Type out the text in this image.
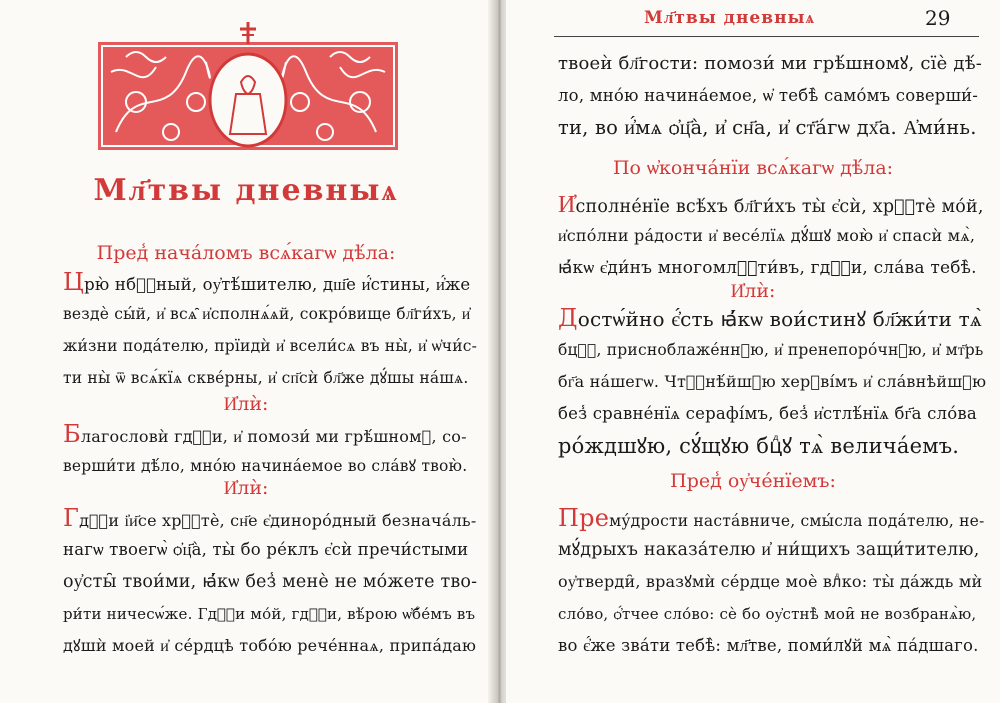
Мл҃твы дневныѧ
Пред̾ нача́ломъ всѧ́кагѡ дѣ́ла:
Црю̀ нбⷭ҇ный, оу҆тѣ́шителю, дш҃е и҆́стины, и҆́же
вездѐ сы́й, и҆ всѧ̑ и҆сполнѧ́ѧй, сокро́вище бл҃ги́хъ, и҆
жи́зни пода́телю, прїидѝ и҆ всели́сѧ въ ны̀, и҆ ѡ҆чи́с-
ти ны̀ ѿ всѧ́кїѧ скве́рны, и҆ сп҃сѝ бл҃же дꙋ́шы на́шѧ.
И҆лѝ:
Благословѝ гдⷭ҇и, и҆ помози́ ми грѣ́шномꙋ, со-
верши́ти дѣ́ло, мно́ю начина́емое во сла́вꙋ твою̀.
И҆лѝ:
Гдⷭ҇и і҆и҃се хрⷭ҇тѐ, сн҃е є҆диноро́дный безнача́ль-
нагѡ твоегѡ̀ ѻ҆ц҃а̀, ты̀ бо ре́клъ є҆сѝ пречи́стыми
оу҆сты̑ твои́ми, ꙗ҆́кѡ без̾ менѐ не мо́жете тво-
ри́ти ничесѡ́же. Гдⷭ҇и мо́й, гдⷭ҇и, вѣ́рою ѡ҆б̾е́мъ въ
дꙋшѝ моей и҆ се́рдцѣ тобо́ю рече́ннаѧ, припа́даю
Мл҃твы дневныѧ	29
твоеѝ бл҃гости: помози́ ми грѣ́шномꙋ, сїѐ дѣ́-
ло, мно́ю начина́емое, ѡ҆ тебѣ̀ само́мъ соверши́-
ти, во и҆́мѧ ѻ҆ц҃а̀, и҆ сн҃а, и҆ ст҃а́гѡ дх҃а. А҆ми́нь.
По ѡ҆конча́нїи всѧ́кагѡ дѣ́ла:
И҆сполне́нїе всѣ́хъ бл҃ги́хъ ты̀ є҆сѝ, хрⷭ҇тѐ мо́й,
и҆спо́лни ра́дости и҆ весе́лїѧ дꙋ́шꙋ мою̀ и҆ спасѝ мѧ̀,
ꙗ҆́кѡ є҆ди́нъ многомлⷭ҇ти́въ, гдⷭ҇и, сла́ва тебѣ̀.
И҆лѝ:
Достѡ́йно є҆́сть ꙗ҆́кѡ вои́стинꙋ бл҃жи́ти тѧ̀
бцⷣꙋ, присноблаже́ннꙋю, и҆ пренепоро́чнꙋю, и҆ мт҃рь
бг҃а на́шегѡ. Чтⷭ҇нѣ́йшꙋю херꙋві́мъ и҆ сла́внѣйшꙋю
без̾ сравне́нїѧ серафі́мъ, без̾ и҆стлѣ́нїѧ бг҃а сло́ва
ро́ждшꙋю, сꙋ́щꙋю бцⷣꙋ тѧ̀ велича́емъ.
Пред̾ оу҆че́нїемъ:
Прему́дрости наста́вниче, смы́сла пода́телю, не-
мꙋ́дрыхъ наказа́телю и҆ ни́щихъ защи́тителю,
оу҆тверди̑, вразꙋмѝ се́рдце моѐ влⷣко: ты̀ да́ждь мѝ
сло́во, ѻ҆́тчее сло́во: сѐ бо оу҆стнѣ̀ мои̑ не возбранѧ̀ю,
во є҆́же зва́ти тебѣ̀: мл҃тве, поми́лꙋй мѧ̀ па́дшаго.
